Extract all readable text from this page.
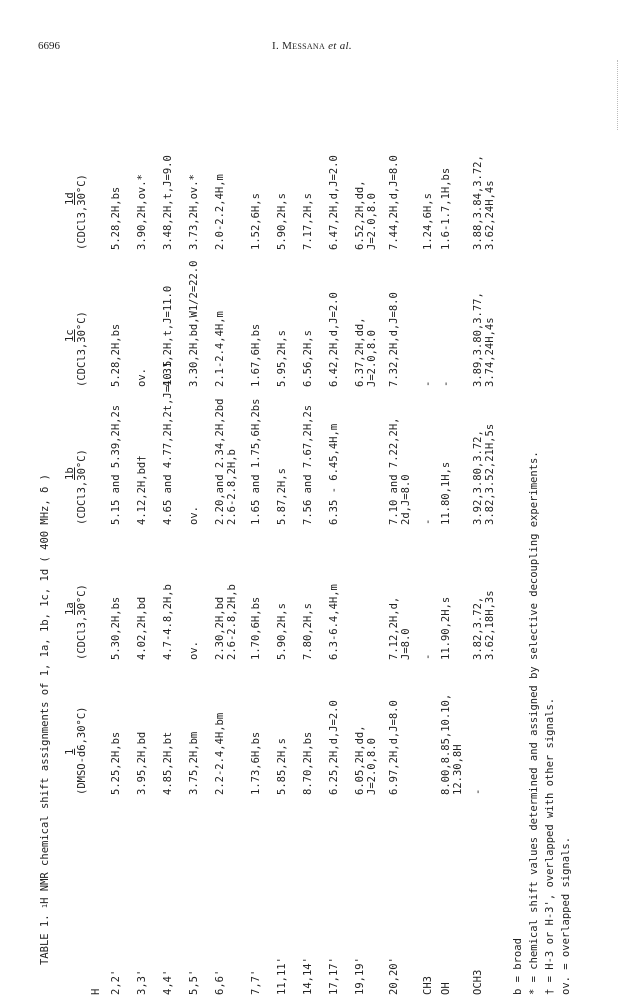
6696	I. Messana et al.
TABLE 1. $^1$H NMR chemical shift assignments of 1, 1a, 1b, 1c, 1d ( 400 MHz, δ ) 1
1a
1b
1c
1d
(DMSO-d6,30°C)
(CDCl3,30°C)
(CDCl3,30°C)
(CDCl3,30°C)
(CDCl3,30°C)
H 2,2'
5.25,2H,bs
5.30,2H,bs
5.15 and 5.39,2H,2s
5.28,2H,bs
5.28,2H,bs
3,3'
3.95,2H,bd
4.02,2H,bd
4.12,2H,bd†
ov.
3.90,2H,ov.*
4,4'
4.85,2H,bt
4.7-4.8,2H,b
4.65 and 4.77,2H,2t,J=10.5
4.31,2H,t,J=11.0
3.48,2H,t,J=9.0
5,5'
3.75,2H,bm
ov.
ov.
3.30,2H,bd,W1/2=22.0
3.73,2H,ov.*
6,6'
2.2-2.4,4H,bm
2.30,2H,bd
2.6-2.8,2H,b
2.20,and 2.34,2H,2bd
2.6-2.8,2H,b
2.1-2.4,4H,m
2.0-2.2,4H,m
7,7'
1.73,6H,bs
1.70,6H,bs
1.65 and 1.75,6H,2bs
1.67,6H,bs
1.52,6H,s
11,11'
5.85,2H,s
5.90,2H,s
5.87,2H,s
5.95,2H,s
5.90,2H,s
14,14'
8.70,2H,bs
7.80,2H,s
7.56 and 7.67,2H,2s
6.56,2H,s
7.17,2H,s
17,17'
6.25,2H,d,J=2.0
6.3-6.4,4H,m
6.35 - 6.45,4H,m
6.42,2H,d,J=2.0
6.47,2H,d,J=2.0
19,19'
6.05,2H,dd,
J=2.0,8.0
6.37,2H,dd,
J=2.0,8.0
6.52,2H,dd,
J=2.0,8.0
20,20'
6.97,2H,d,J=8.0
7.12,2H,d,
J=8.0
7.10 and 7.22,2H,
2d,J=8.0
7.32,2H,d,J=8.0
7.44,2H,d,J=8.0
CH3
-
-
-
1.24,6H,s
OH
8.00,8.85,10.10,
12.30,8H
11.90,2H,s
11.80,1H,s
-
1.6-1.7,1H,bs
OCH3
-
3.82,3.72,
3.62,18H,3s
3.92,3.80,3.72,
3.82,3.52,21H,5s
3.89,3.80,3.77,
3.74,24H,4s
3.88,3.84,3.72,
3.62,24H,4s
b = broad * = chemical shift values determined and assigned by selective decoupling experiments. † = H-3 or H-3', overlapped with other signals. ov. = overlapped signals.
